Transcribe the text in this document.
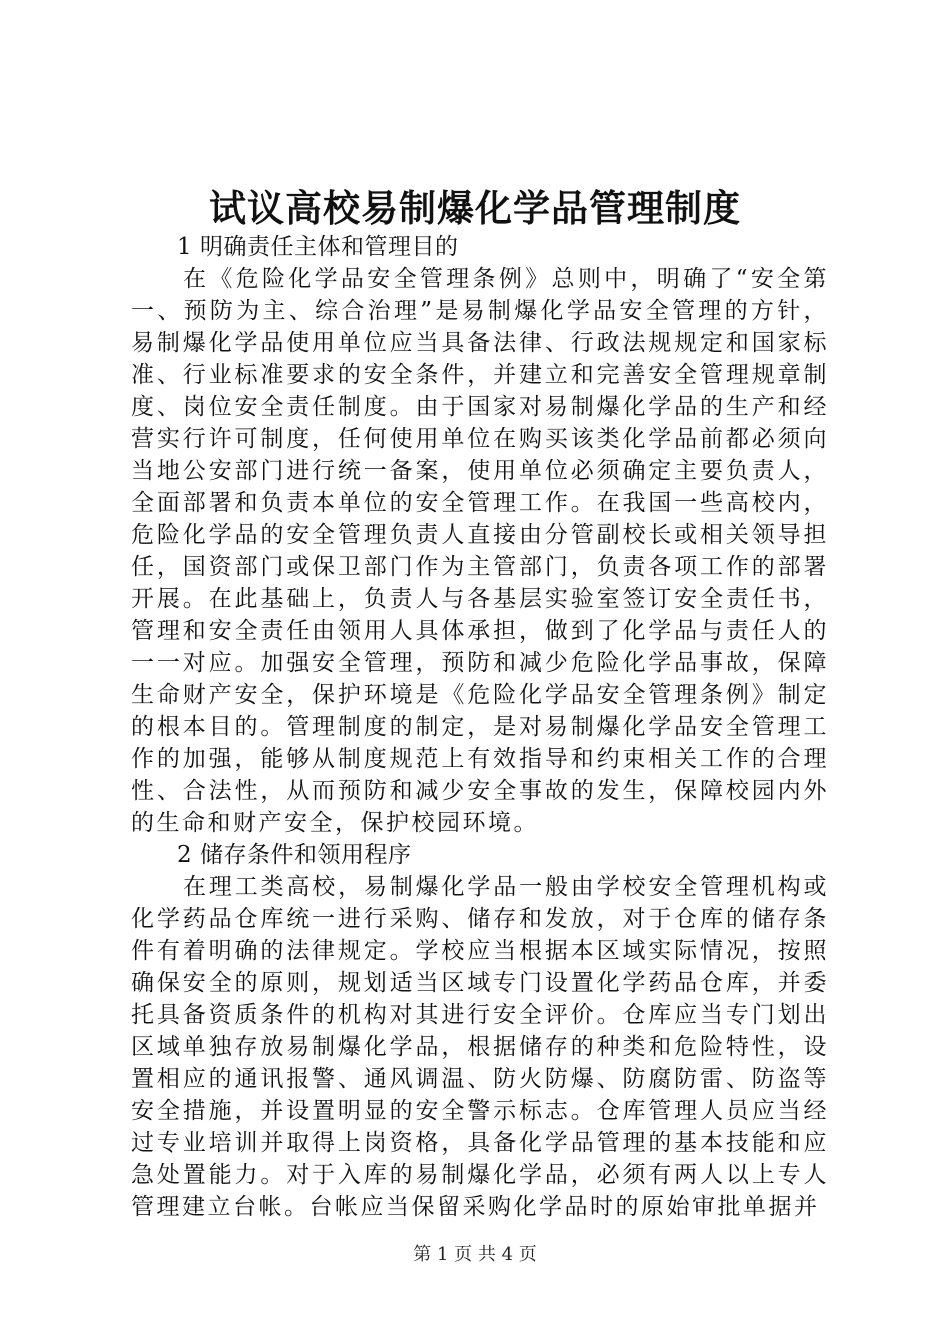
试议高校易制爆化学品管理制度

1 明确责任主体和管理目的

在《危险化学品安全管理条例》总则中，明确了“安全第一、预防为主、综合治理”是易制爆化学品安全管理的方针，易制爆化学品使用单位应当具备法律、行政法规规定和国家标准、行业标准要求的安全条件，并建立和完善安全管理规章制度、岗位安全责任制度。由于国家对易制爆化学品的生产和经营实行许可制度，任何使用单位在购买该类化学品前都必须向当地公安部门进行统一备案，使用单位必须确定主要负责人，全面部署和负责本单位的安全管理工作。在我国一些高校内，危险化学品的安全管理负责人直接由分管副校长或相关领导担任，国资部门或保卫部门作为主管部门，负责各项工作的部署开展。在此基础上，负责人与各基层实验室签订安全责任书，管理和安全责任由领用人具体承担，做到了化学品与责任人的一一对应。加强安全管理，预防和减少危险化学品事故，保障生命财产安全，保护环境是《危险化学品安全管理条例》制定的根本目的。管理制度的制定，是对易制爆化学品安全管理工作的加强，能够从制度规范上有效指导和约束相关工作的合理性、合法性，从而预防和减少安全事故的发生，保障校园内外的生命和财产安全，保护校园环境。

2 储存条件和领用程序

在理工类高校，易制爆化学品一般由学校安全管理机构或化学药品仓库统一进行采购、储存和发放，对于仓库的储存条件有着明确的法律规定。学校应当根据本区域实际情况，按照确保安全的原则，规划适当区域专门设置化学药品仓库，并委托具备资质条件的机构对其进行安全评价。仓库应当专门划出区域单独存放易制爆化学品，根据储存的种类和危险特性，设置相应的通讯报警、通风调温、防火防爆、防腐防雷、防盗等安全措施，并设置明显的安全警示标志。仓库管理人员应当经过专业培训并取得上岗资格，具备化学品管理的基本技能和应急处置能力。对于入库的易制爆化学品，必须有两人以上专人管理建立台帐。台帐应当保留采购化学品时的原始审批单据并

第 1 页 共 4 页
